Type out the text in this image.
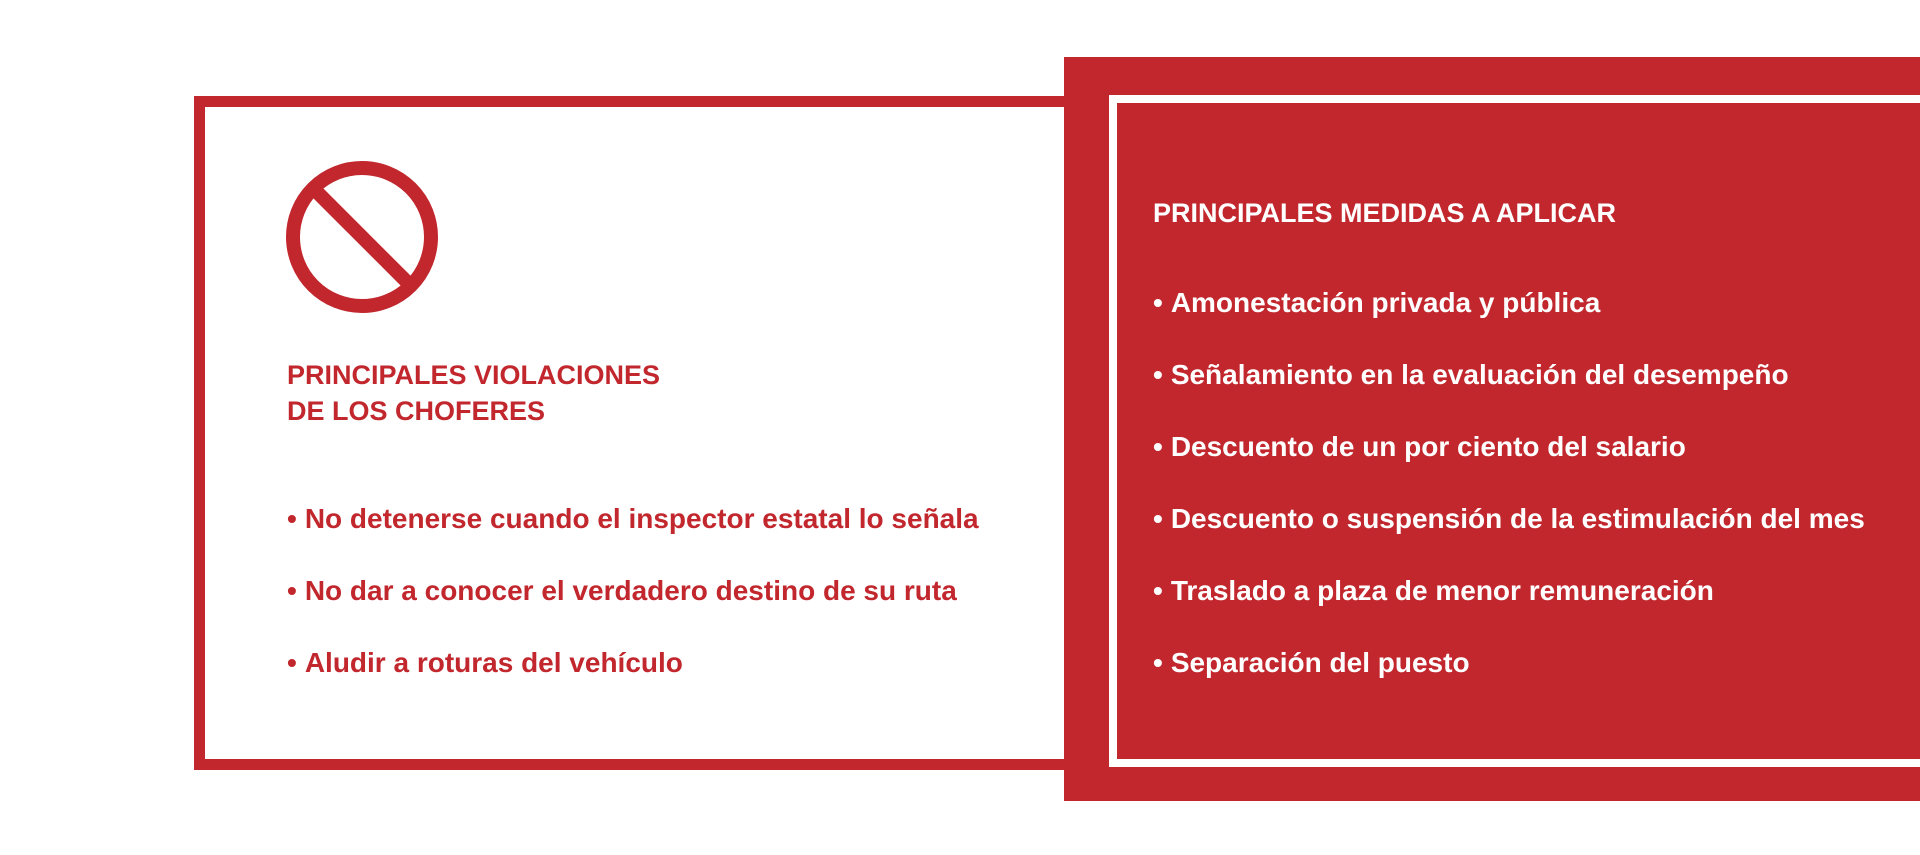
PRINCIPALES VIOLACIONES
DE LOS CHOFERES
• No detenerse cuando el inspector estatal lo señala
• No dar a conocer el verdadero destino de su ruta
• Aludir a roturas del vehículo
PRINCIPALES MEDIDAS A APLICAR
• Amonestación privada y pública
• Señalamiento en la evaluación del desempeño
• Descuento de un por ciento del salario
• Descuento o suspensión de la estimulación del mes
• Traslado a plaza de menor remuneración
• Separación del puesto
